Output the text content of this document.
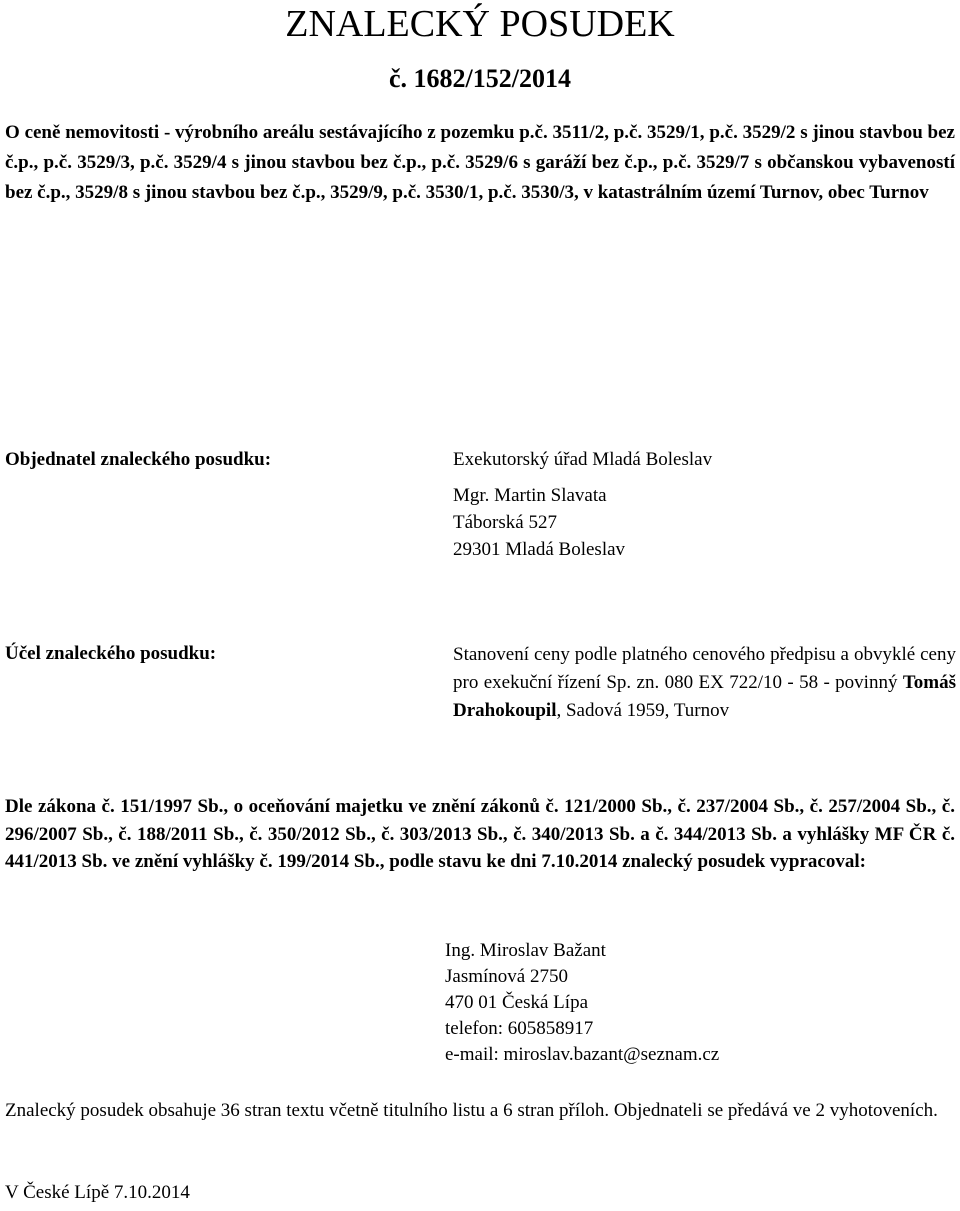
ZNALECKÝ POSUDEK
č. 1682/152/2014

O ceně nemovitosti - výrobního areálu sestávajícího z pozemku p.č. 3511/2, p.č. 3529/1, p.č. 3529/2 s jinou stavbou bez č.p., p.č. 3529/3, p.č. 3529/4 s jinou stavbou bez č.p., p.č. 3529/6 s garáží bez č.p., p.č. 3529/7 s občanskou vybaveností bez č.p., 3529/8 s jinou stavbou bez č.p., 3529/9, p.č. 3530/1, p.č. 3530/3, v katastrálním území Turnov, obec Turnov

Objednatel znaleckého posudku:	Exekutorský úřad Mladá Boleslav
Mgr. Martin Slavata
Táborská 527
29301 Mladá Boleslav
Účel znaleckého posudku:	Stanovení ceny podle platného cenového předpisu a obvyklé ceny pro exekuční řízení Sp. zn. 080 EX 722/10 - 58 - povinný Tomáš Drahokoupil, Sadová 1959, Turnov

Dle zákona č. 151/1997 Sb., o oceňování majetku ve znění zákonů č. 121/2000 Sb., č. 237/2004 Sb., č. 257/2004 Sb., č. 296/2007 Sb., č. 188/2011 Sb., č. 350/2012 Sb., č. 303/2013 Sb., č. 340/2013 Sb. a č. 344/2013 Sb. a vyhlášky MF ČR č. 441/2013 Sb. ve znění vyhlášky č. 199/2014 Sb., podle stavu ke dni 7.10.2014 znalecký posudek vypracoval:

Ing. Miroslav Bažant
Jasmínová 2750
470 01 Česká Lípa
telefon: 605858917
e-mail: miroslav.bazant@seznam.cz

Znalecký posudek obsahuje 36 stran textu včetně titulního listu a 6 stran příloh. Objednateli se předává ve 2 vyhotoveních.

V České Lípě 7.10.2014
